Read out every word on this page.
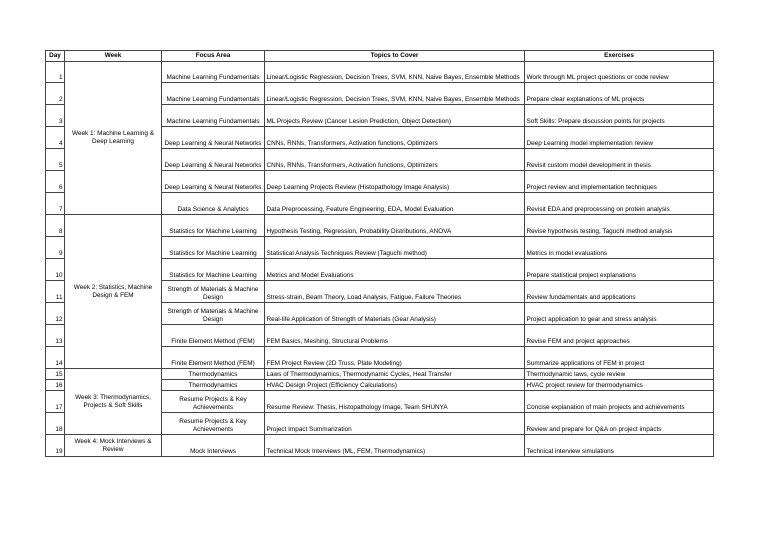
Day	Week	Focus Area	Topics to Cover	Exercises
1	Week 1: Machine Learning & Deep Learning	Machine Learning Fundamentals	Linear/Logistic Regression, Decision Trees, SVM, KNN, Naive Bayes, Ensemble Methods	Work through ML project questions or code review
2		Machine Learning Fundamentals	Linear/Logistic Regression, Decision Trees, SVM, KNN, Naive Bayes, Ensemble Methods	Prepare clear explanations of ML projects
3		Machine Learning Fundamentals	ML Projects Review (Cancer Lesion Prediction, Object Detection)	Soft Skills: Prepare discussion points for projects
4		Deep Learning & Neural Networks	CNNs, RNNs, Transformers, Activation functions, Optimizers	Deep Learning model implementation review
5		Deep Learning & Neural Networks	CNNs, RNNs, Transformers, Activation functions, Optimizers	Revisit custom model development in thesis
6		Deep Learning & Neural Networks	Deep Learning Projects Review (Histopathology Image Analysis)	Project review and implementation techniques
7		Data Science & Analytics	Data Preprocessing, Feature Engineering, EDA, Model Evaluation	Revisit EDA and preprocessing on protein analysis
8	Week 2: Statistics, Machine Design & FEM	Statistics for Machine Learning	Hypothesis Testing, Regression, Probability Distributions, ANOVA	Revise hypothesis testing, Taguchi method analysis
9		Statistics for Machine Learning	Statistical Analysis Techniques Review (Taguchi method)	Metrics in model evaluations
10		Statistics for Machine Learning	Metrics and Model Evaluations	Prepare statistical project explanations
11		Strength of Materials & Machine Design	Stress-strain, Beam Theory, Load Analysis, Fatigue, Failure Theories	Review fundamentals and applications
12		Strength of Materials & Machine Design	Real-life Application of Strength of Materials (Gear Analysis)	Project application to gear and stress analysis
13		Finite Element Method (FEM)	FEM Basics, Meshing, Structural Problems	Revise FEM and project approaches
14		Finite Element Method (FEM)	FEM Project Review (2D Truss, Plate Modeling)	Summarize applications of FEM in project
15	Week 3: Thermodynamics, Projects & Soft Skills	Thermodynamics	Laws of Thermodynamics, Thermodynamic Cycles, Heat Transfer	Thermodynamic laws, cycle review
16		Thermodynamics	HVAC Design Project (Efficiency Calculations)	HVAC project review for thermodynamics
17		Resume Projects & Key Achievements	Resume Review: Thesis, Histopathology Image, Team SHUNYA	Concise explanation of main projects and achievements
18		Resume Projects & Key Achievements	Project Impact Summarization	Review and prepare for Q&A on project impacts
19	Week 4: Mock Interviews & Review	Mock Interviews	Technical Mock Interviews (ML, FEM, Thermodynamics)	Technical interview simulations
